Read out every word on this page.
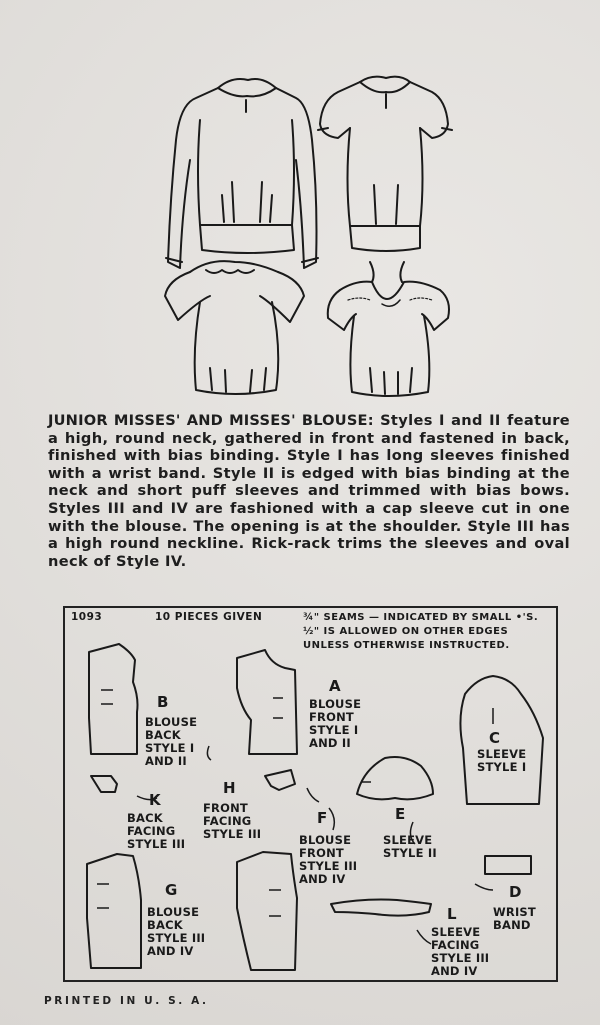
JUNIOR MISSES' AND MISSES' BLOUSE: Styles I and II feature a high, round neck, gathered in front and fastened in back, finished with bias binding. Style I has long sleeves finished with a wrist band. Style II is edged with bias binding at the neck and short puff sleeves and trimmed with bias bows. Styles III and IV are fashioned with a cap sleeve cut in one with the blouse. The opening is at the shoulder. Style III has a high round neckline. Rick-rack trims the sleeves and oval neck of Style IV.

1093	10 PIECES GIVEN	¾" SEAMS — INDICATED BY SMALL •'S.
½" IS ALLOWED ON OTHER EDGES
UNLESS OTHERWISE INSTRUCTED.
B
BLOUSE
BACK
STYLE I
AND II
A
BLOUSE
FRONT
STYLE I
AND II	C
SLEEVE
STYLE I
K
BACK
FACING
STYLE III
H
FRONT
FACING
STYLE III
E
SLEEVE
STYLE II
F
BLOUSE
FRONT
STYLE III
AND IV
G
BLOUSE
BACK
STYLE III
AND IV
D
WRIST
BAND
L
SLEEVE
FACING
STYLE III
AND IV
PRINTED IN U. S. A.
